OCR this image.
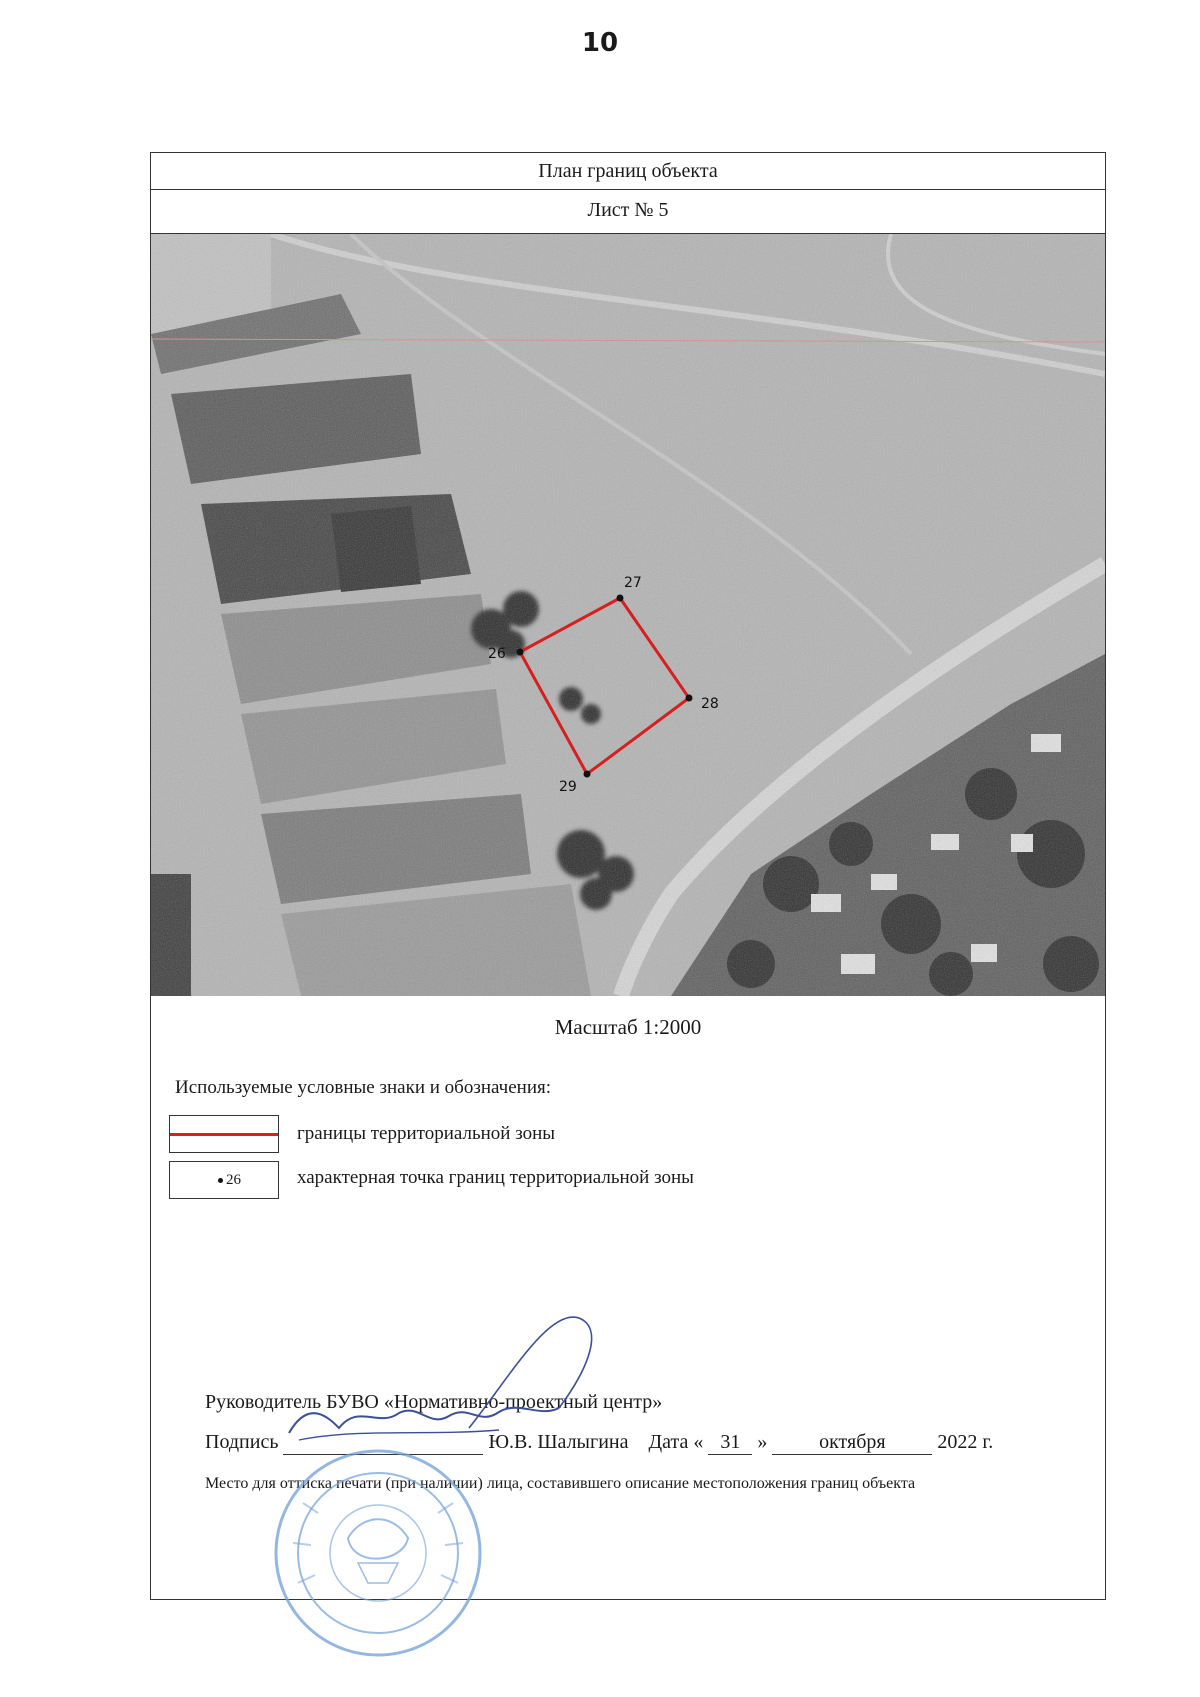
10
План границ объекта
Лист № 5
26
27
28
29
Масштаб 1:2000
Используемые условные знаки и обозначения:
границы территориальной зоны
26	характерная точка границ территориальной зоны
Руководитель БУВО «Нормативно-проектный центр»
Подпись	Ю.В. Шалыгина Дата « 31 »	октября	2022 г.
Место для оттиска печати (при наличии) лица, составившего описание местоположения границ объекта
